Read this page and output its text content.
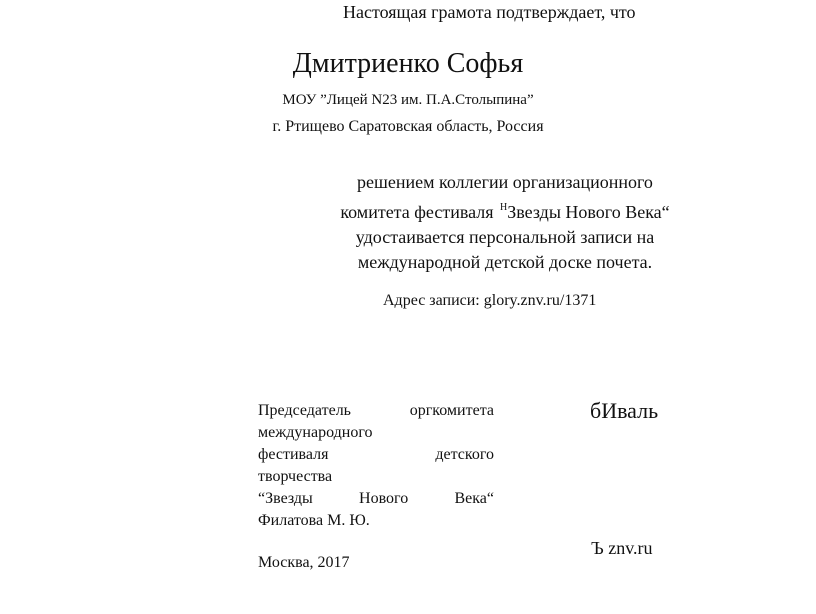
Настоящая грамота подтверждает, что
Дмитриенко Софья
МОУ ”Лицей N23 им. П.А.Столыпина”
г. Ртищево Саратовская область, Россия

решением коллегии организационного

комитета фестиваля $^Н$Звезды Нового Века“

удостаивается персональной записи на

международной детской доске почета.

Адрес записи: glory.znv.ru/1371
Председатель	оргкомитета
международного
фестиваля	детского
творчества
“Звезды	Нового	Века“
Филатова М. Ю.
бИваль
Ъ znv.ru
Москва, 2017
